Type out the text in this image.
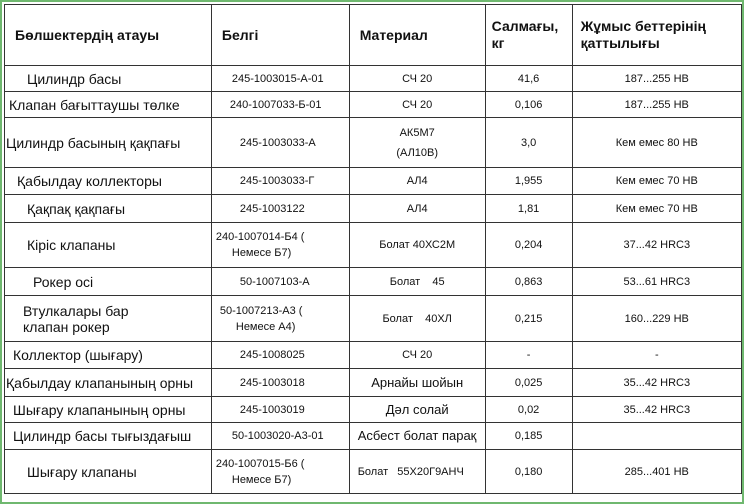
Бөлшектердің атауы	Белгі	Материал	Салмағы, кг	Жұмыс беттерінің қаттылығы

Цилиндр басы	245-1003015-А-01	СЧ 20	41,6	187...255 НВ

Клапан бағыттаушы төлке	240-1007033-Б-01	СЧ 20	0,106	187...255 НВ

Цилиндр басының қақпағы	245-1003033-А	АК5М7
(АЛ10В)	3,0	Кем емес 80 НВ

Қабылдау коллекторы	245-1003033-Г	АЛ4	1,955	Кем емес 70 НВ

Қақпақ қақпағы	245-1003122	АЛ4	1,81	Кем емес 70 НВ

Кіріс клапаны	240-1007014-Б4 (
Немесе Б7)	Болат 40ХС2М	0,204	37...42 HRC3

Рокер осі	50-1007103-А	Болат    45	0,863	53...61 HRC3

Втулкалары бар
клапан рокер	50-1007213-А3 (
Немесе А4)	Болат    40ХЛ	0,215	160...229 НВ

Коллектор (шығару)	245-1008025	СЧ 20	-	-

Қабылдау клапанының орны	245-1003018	Арнайы шойын	0,025	35...42 HRC3

Шығару клапанының орны	245-1003019	Дәл солай	0,02	35...42 HRC3

Цилиндр басы тығыздағыш	50-1003020-А3-01	Асбест болат парақ	0,185	

Шығару клапаны	240-1007015-Б6 (
Немесе Б7)	Болат   55Х20Г9АНЧ	0,180	285...401 НВ
